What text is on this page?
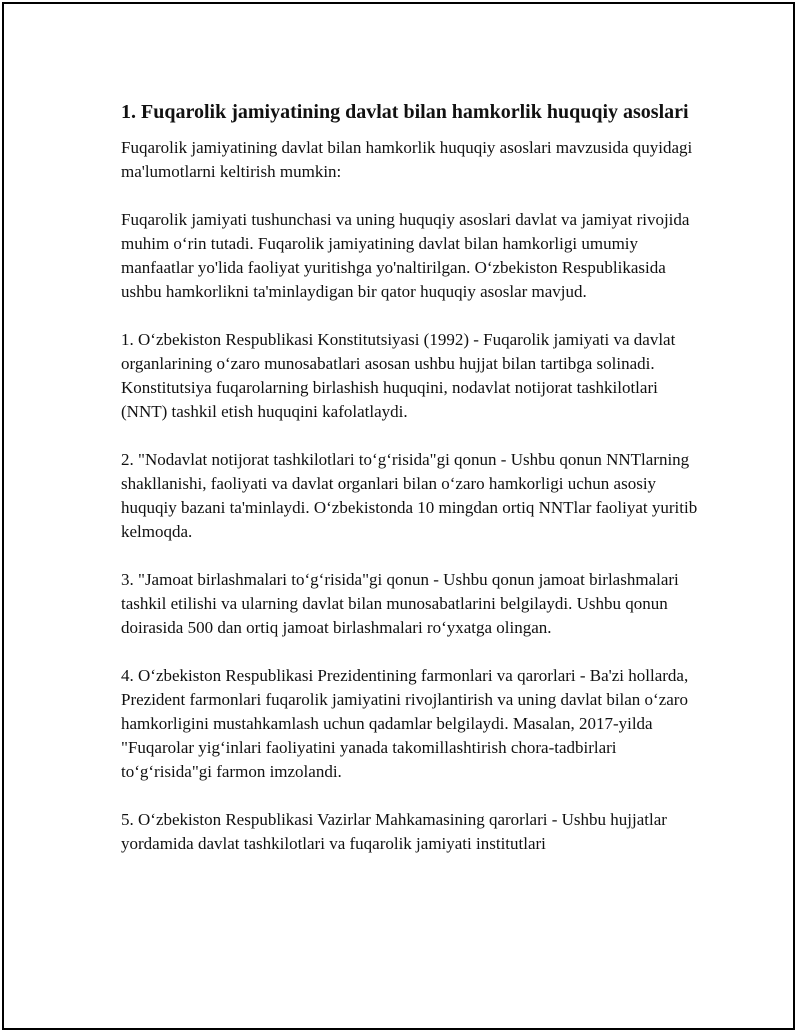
1. Fuqarolik jamiyatining davlat bilan hamkorlik huquqiy asoslari

Fuqarolik jamiyatining davlat bilan hamkorlik huquqiy asoslari mavzusida quyidagi ma'lumotlarni keltirish mumkin:

Fuqarolik jamiyati tushunchasi va uning huquqiy asoslari davlat va jamiyat rivojida muhim o‘rin tutadi. Fuqarolik jamiyatining davlat bilan hamkorligi umumiy manfaatlar yo'lida faoliyat yuritishga yo'naltirilgan. O‘zbekiston Respublikasida ushbu hamkorlikni ta'minlaydigan bir qator huquqiy asoslar mavjud.

1. O‘zbekiston Respublikasi Konstitutsiyasi (1992) - Fuqarolik jamiyati va davlat organlarining o‘zaro munosabatlari asosan ushbu hujjat bilan tartibga solinadi. Konstitutsiya fuqarolarning birlashish huquqini, nodavlat notijorat tashkilotlari (NNT) tashkil etish huquqini kafolatlaydi.

2. "Nodavlat notijorat tashkilotlari to‘g‘risida"gi qonun - Ushbu qonun NNTlarning shakllanishi, faoliyati va davlat organlari bilan o‘zaro hamkorligi uchun asosiy huquqiy bazani ta'minlaydi. O‘zbekistonda 10 mingdan ortiq NNTlar faoliyat yuritib kelmoqda.

3. "Jamoat birlashmalari to‘g‘risida"gi qonun - Ushbu qonun jamoat birlashmalari tashkil etilishi va ularning davlat bilan munosabatlarini belgilaydi. Ushbu qonun doirasida 500 dan ortiq jamoat birlashmalari ro‘yxatga olingan.

4. O‘zbekiston Respublikasi Prezidentining farmonlari va qarorlari - Ba'zi hollarda, Prezident farmonlari fuqarolik jamiyatini rivojlantirish va uning davlat bilan o‘zaro hamkorligini mustahkamlash uchun qadamlar belgilaydi. Masalan, 2017-yilda "Fuqarolar yig‘inlari faoliyatini yanada takomillashtirish chora-tadbirlari to‘g‘risida"gi farmon imzolandi.

5. O‘zbekiston Respublikasi Vazirlar Mahkamasining qarorlari - Ushbu hujjatlar yordamida davlat tashkilotlari va fuqarolik jamiyati institutlari
